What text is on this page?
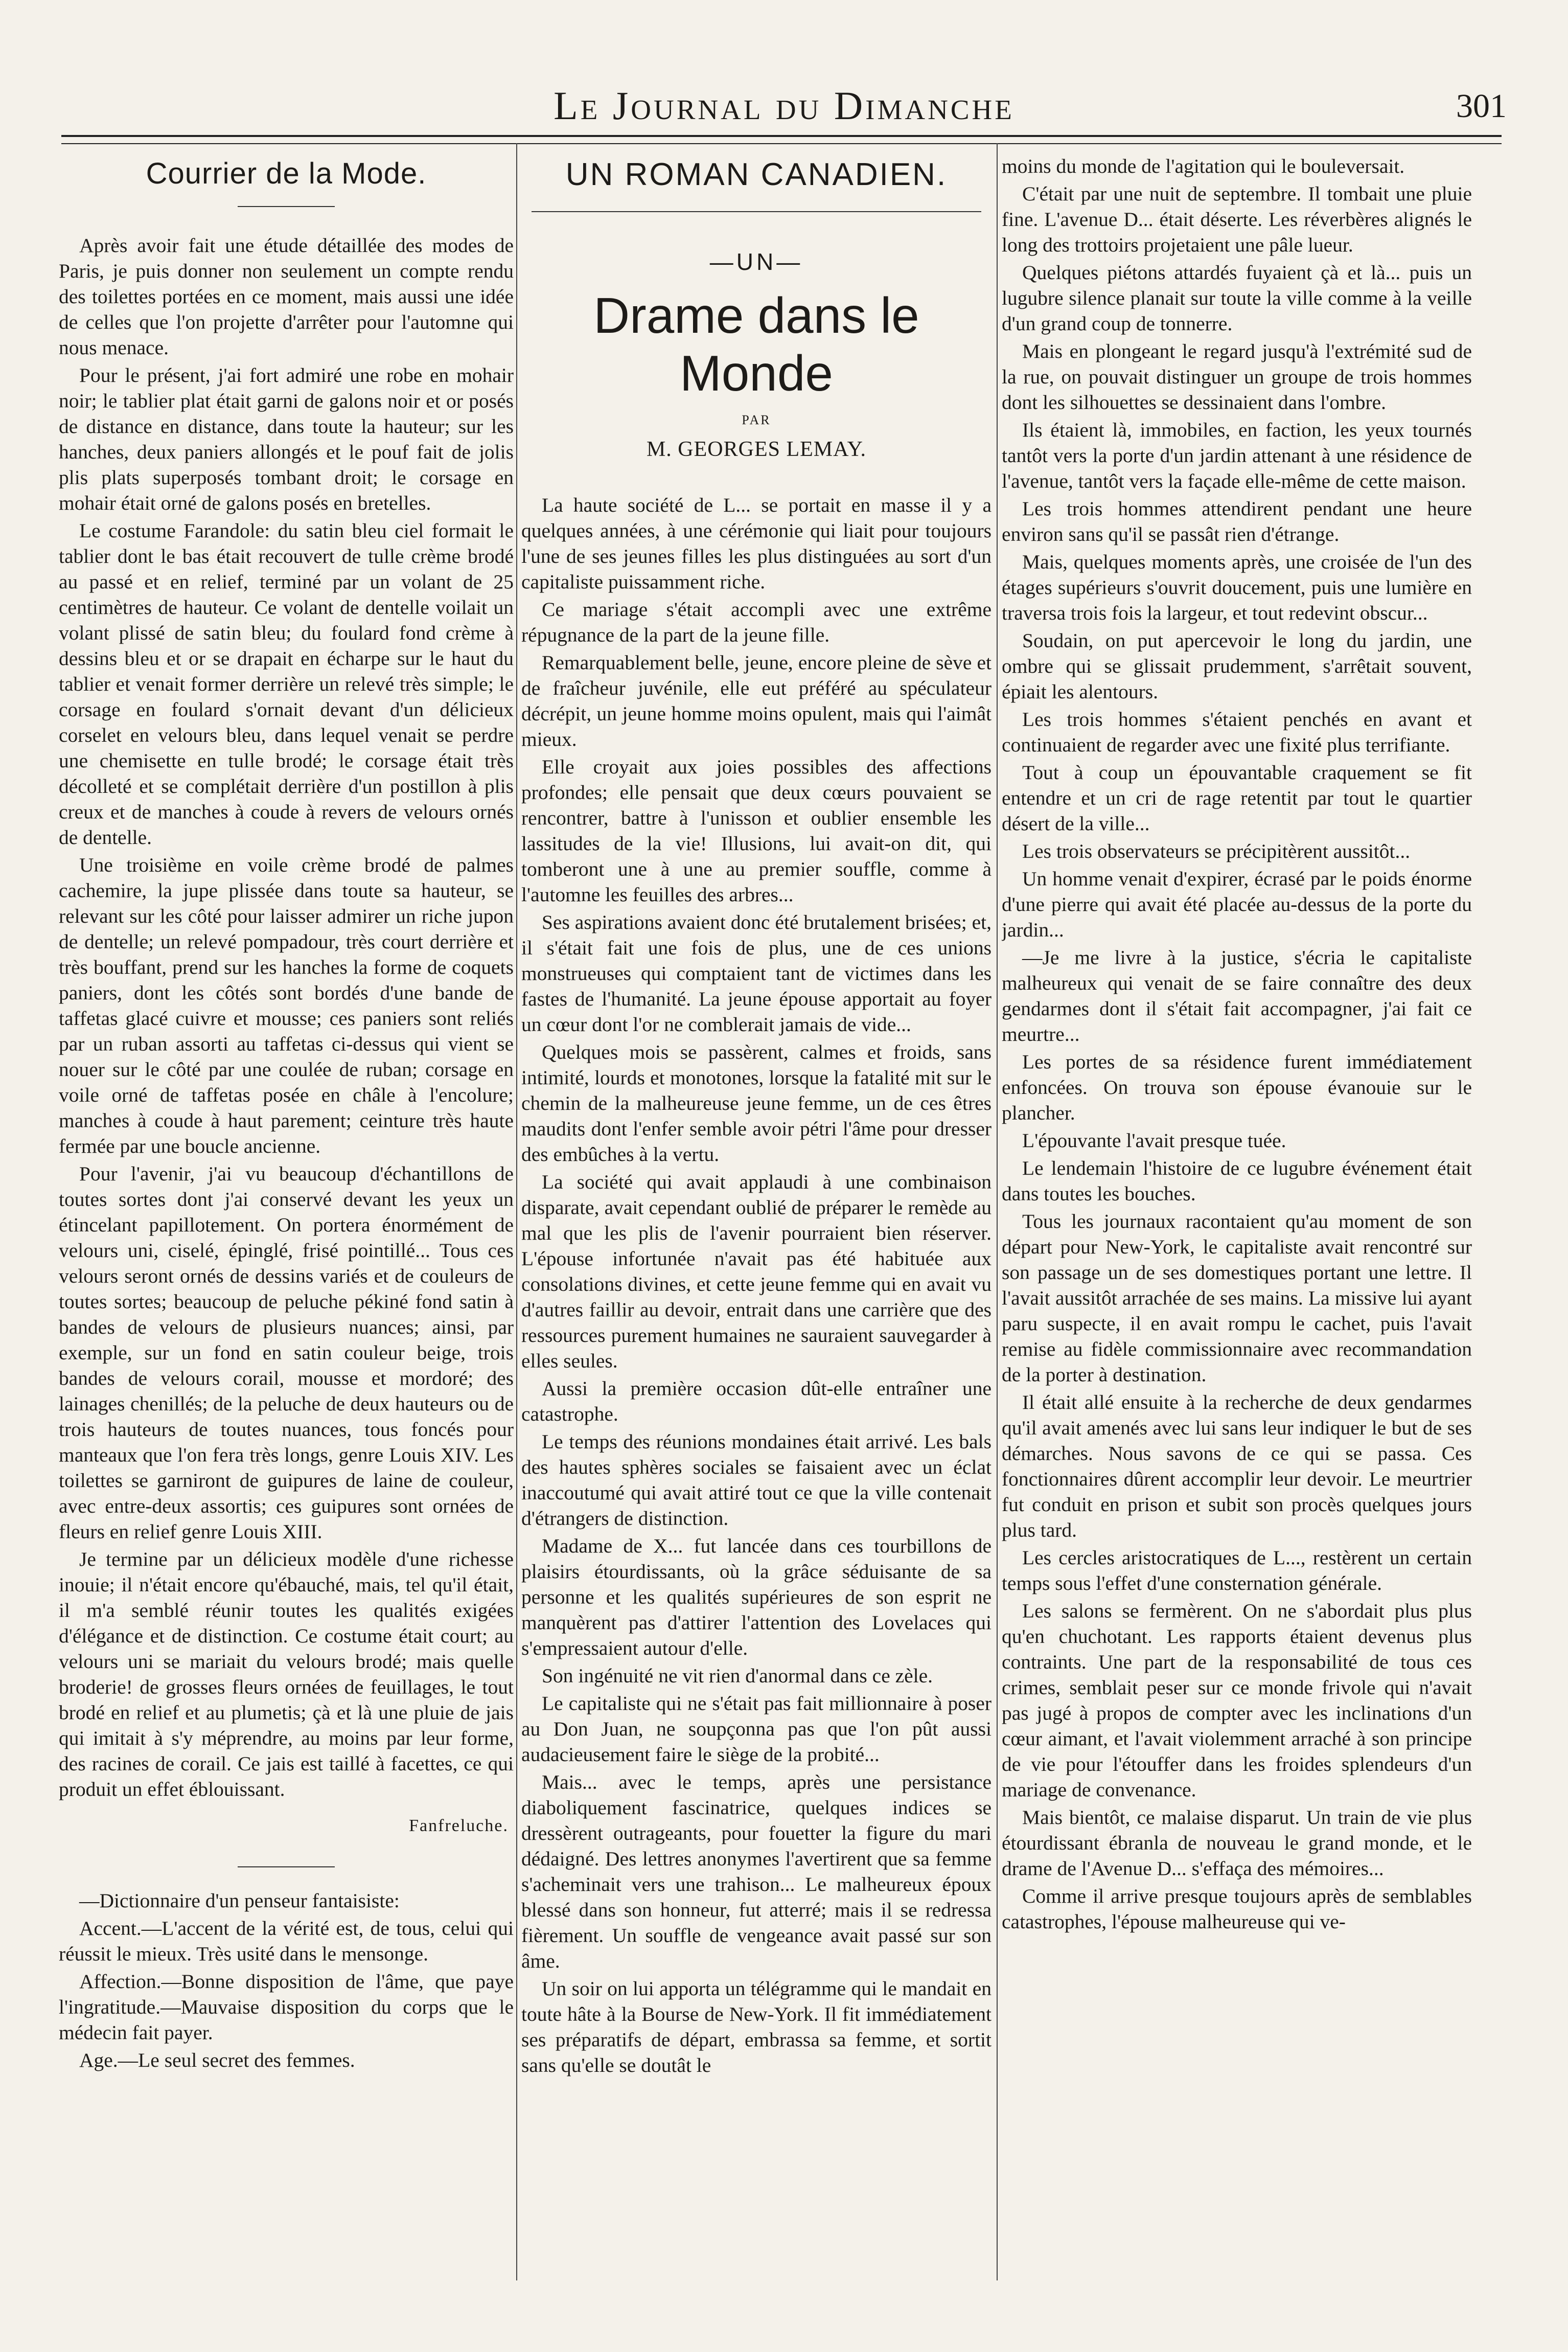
Le Journal du Dimanche	301
Courrier de la Mode.

Après avoir fait une étude détaillée des modes de Paris, je puis donner non seulement un compte rendu des toilettes portées en ce moment, mais aussi une idée de celles que l'on projette d'arrêter pour l'automne qui nous menace.

Pour le présent, j'ai fort admiré une robe en mohair noir; le tablier plat était garni de galons noir et or posés de distance en distance, dans toute la hauteur; sur les hanches, deux paniers allongés et le pouf fait de jolis plis plats superposés tombant droit; le corsage en mohair était orné de galons posés en bretelles.

Le costume Farandole: du satin bleu ciel formait le tablier dont le bas était recouvert de tulle crème brodé au passé et en relief, terminé par un volant de 25 centimètres de hauteur. Ce volant de dentelle voilait un volant plissé de satin bleu; du foulard fond crème à dessins bleu et or se drapait en écharpe sur le haut du tablier et venait former derrière un relevé très simple; le corsage en foulard s'ornait devant d'un délicieux corselet en velours bleu, dans lequel venait se perdre une chemisette en tulle brodé; le corsage était très décolleté et se complétait derrière d'un postillon à plis creux et de manches à coude à revers de velours ornés de dentelle.

Une troisième en voile crème brodé de palmes cachemire, la jupe plissée dans toute sa hauteur, se relevant sur les côté pour laisser admirer un riche jupon de dentelle; un relevé pompadour, très court derrière et très bouffant, prend sur les hanches la forme de coquets paniers, dont les côtés sont bordés d'une bande de taffetas glacé cuivre et mousse; ces paniers sont reliés par un ruban assorti au taffetas ci-dessus qui vient se nouer sur le côté par une coulée de ruban; corsage en voile orné de taffetas posée en châle à l'encolure; manches à coude à haut parement; ceinture très haute fermée par une boucle ancienne.

Pour l'avenir, j'ai vu beaucoup d'échantillons de toutes sortes dont j'ai conservé devant les yeux un étincelant papillotement. On portera énormément de velours uni, ciselé, épinglé, frisé pointillé... Tous ces velours seront ornés de dessins variés et de couleurs de toutes sortes; beaucoup de peluche pékiné fond satin à bandes de velours de plusieurs nuances; ainsi, par exemple, sur un fond en satin couleur beige, trois bandes de velours corail, mousse et mordoré; des lainages chenillés; de la peluche de deux hauteurs ou de trois hauteurs de toutes nuances, tous foncés pour manteaux que l'on fera très longs, genre Louis XIV. Les toilettes se garniront de guipures de laine de couleur, avec entre-deux assortis; ces guipures sont ornées de fleurs en relief genre Louis XIII.

Je termine par un délicieux modèle d'une richesse inouie; il n'était encore qu'ébauché, mais, tel qu'il était, il m'a semblé réunir toutes les qualités exigées d'élégance et de distinction. Ce costume était court; au velours uni se mariait du velours brodé; mais quelle broderie! de grosses fleurs ornées de feuillages, le tout brodé en relief et au plumetis; çà et là une pluie de jais qui imitait à s'y méprendre, au moins par leur forme, des racines de corail. Ce jais est taillé à facettes, ce qui produit un effet éblouissant.

Fanfreluche.

—Dictionnaire d'un penseur fantaisiste:

Accent.—L'accent de la vérité est, de tous, celui qui réussit le mieux. Très usité dans le mensonge.

Affection.—Bonne disposition de l'âme, que paye l'ingratitude.—Mauvaise disposition du corps que le médecin fait payer.

Age.—Le seul secret des femmes.

UN ROMAN CANADIEN.
—UN—
Drame dans le Monde
PAR
M. GEORGES LEMAY.

La haute société de L... se portait en masse il y a quelques années, à une cérémonie qui liait pour toujours l'une de ses jeunes filles les plus distinguées au sort d'un capitaliste puissamment riche.

Ce mariage s'était accompli avec une extrême répugnance de la part de la jeune fille.

Remarquablement belle, jeune, encore pleine de sève et de fraîcheur juvénile, elle eut préféré au spéculateur décrépit, un jeune homme moins opulent, mais qui l'aimât mieux.

Elle croyait aux joies possibles des affections profondes; elle pensait que deux cœurs pouvaient se rencontrer, battre à l'unisson et oublier ensemble les lassitudes de la vie! Illusions, lui avait-on dit, qui tomberont une à une au premier souffle, comme à l'automne les feuilles des arbres...

Ses aspirations avaient donc été brutalement brisées; et, il s'était fait une fois de plus, une de ces unions monstrueuses qui comptaient tant de victimes dans les fastes de l'humanité. La jeune épouse apportait au foyer un cœur dont l'or ne comblerait jamais de vide...

Quelques mois se passèrent, calmes et froids, sans intimité, lourds et monotones, lorsque la fatalité mit sur le chemin de la malheureuse jeune femme, un de ces êtres maudits dont l'enfer semble avoir pétri l'âme pour dresser des embûches à la vertu.

La société qui avait applaudi à une combinaison disparate, avait cependant oublié de préparer le remède au mal que les plis de l'avenir pourraient bien réserver. L'épouse infortunée n'avait pas été habituée aux consolations divines, et cette jeune femme qui en avait vu d'autres faillir au devoir, entrait dans une carrière que des ressources purement humaines ne sauraient sauvegarder à elles seules.

Aussi la première occasion dût-elle entraîner une catastrophe.

Le temps des réunions mondaines était arrivé. Les bals des hautes sphères sociales se faisaient avec un éclat inaccoutumé qui avait attiré tout ce que la ville contenait d'étrangers de distinction.

Madame de X... fut lancée dans ces tourbillons de plaisirs étourdissants, où la grâce séduisante de sa personne et les qualités supérieures de son esprit ne manquèrent pas d'attirer l'attention des Lovelaces qui s'empressaient autour d'elle.

Son ingénuité ne vit rien d'anormal dans ce zèle.

Le capitaliste qui ne s'était pas fait millionnaire à poser au Don Juan, ne soupçonna pas que l'on pût aussi audacieusement faire le siège de la probité...

Mais... avec le temps, après une persistance diaboliquement fascinatrice, quelques indices se dressèrent outrageants, pour fouetter la figure du mari dédaigné. Des lettres anonymes l'avertirent que sa femme s'acheminait vers une trahison... Le malheureux époux blessé dans son honneur, fut atterré; mais il se redressa fièrement. Un souffle de vengeance avait passé sur son âme.

Un soir on lui apporta un télégramme qui le mandait en toute hâte à la Bourse de New-York. Il fit immédiatement ses préparatifs de départ, embrassa sa femme, et sortit sans qu'elle se doutât le

moins du monde de l'agitation qui le bouleversait.

C'était par une nuit de septembre. Il tombait une pluie fine. L'avenue D... était déserte. Les réverbères alignés le long des trottoirs projetaient une pâle lueur.

Quelques piétons attardés fuyaient çà et là... puis un lugubre silence planait sur toute la ville comme à la veille d'un grand coup de tonnerre.

Mais en plongeant le regard jusqu'à l'extrémité sud de la rue, on pouvait distinguer un groupe de trois hommes dont les silhouettes se dessinaient dans l'ombre.

Ils étaient là, immobiles, en faction, les yeux tournés tantôt vers la porte d'un jardin attenant à une résidence de l'avenue, tantôt vers la façade elle-même de cette maison.

Les trois hommes attendirent pendant une heure environ sans qu'il se passât rien d'étrange.

Mais, quelques moments après, une croisée de l'un des étages supérieurs s'ouvrit doucement, puis une lumière en traversa trois fois la largeur, et tout redevint obscur...

Soudain, on put apercevoir le long du jardin, une ombre qui se glissait prudemment, s'arrêtait souvent, épiait les alentours.

Les trois hommes s'étaient penchés en avant et continuaient de regarder avec une fixité plus terrifiante.

Tout à coup un épouvantable craquement se fit entendre et un cri de rage retentit par tout le quartier désert de la ville...

Les trois observateurs se précipitèrent aussitôt...

Un homme venait d'expirer, écrasé par le poids énorme d'une pierre qui avait été placée au-dessus de la porte du jardin...

—Je me livre à la justice, s'écria le capitaliste malheureux qui venait de se faire connaître des deux gendarmes dont il s'était fait accompagner, j'ai fait ce meurtre...

Les portes de sa résidence furent immédiatement enfoncées. On trouva son épouse évanouie sur le plancher.

L'épouvante l'avait presque tuée.

Le lendemain l'histoire de ce lugubre événement était dans toutes les bouches.

Tous les journaux racontaient qu'au moment de son départ pour New-York, le capitaliste avait rencontré sur son passage un de ses domestiques portant une lettre. Il l'avait aussitôt arrachée de ses mains. La missive lui ayant paru suspecte, il en avait rompu le cachet, puis l'avait remise au fidèle commissionnaire avec recommandation de la porter à destination.

Il était allé ensuite à la recherche de deux gendarmes qu'il avait amenés avec lui sans leur indiquer le but de ses démarches. Nous savons de ce qui se passa. Ces fonctionnaires dûrent accomplir leur devoir. Le meurtrier fut conduit en prison et subit son procès quelques jours plus tard.

Les cercles aristocratiques de L..., restèrent un certain temps sous l'effet d'une consternation générale.

Les salons se fermèrent. On ne s'abordait plus plus qu'en chuchotant. Les rapports étaient devenus plus contraints. Une part de la responsabilité de tous ces crimes, semblait peser sur ce monde frivole qui n'avait pas jugé à propos de compter avec les inclinations d'un cœur aimant, et l'avait violemment arraché à son principe de vie pour l'étouffer dans les froides splendeurs d'un mariage de convenance.

Mais bientôt, ce malaise disparut. Un train de vie plus étourdissant ébranla de nouveau le grand monde, et le drame de l'Avenue D... s'effaça des mémoires...

Comme il arrive presque toujours après de semblables catastrophes, l'épouse malheureuse qui ve-
